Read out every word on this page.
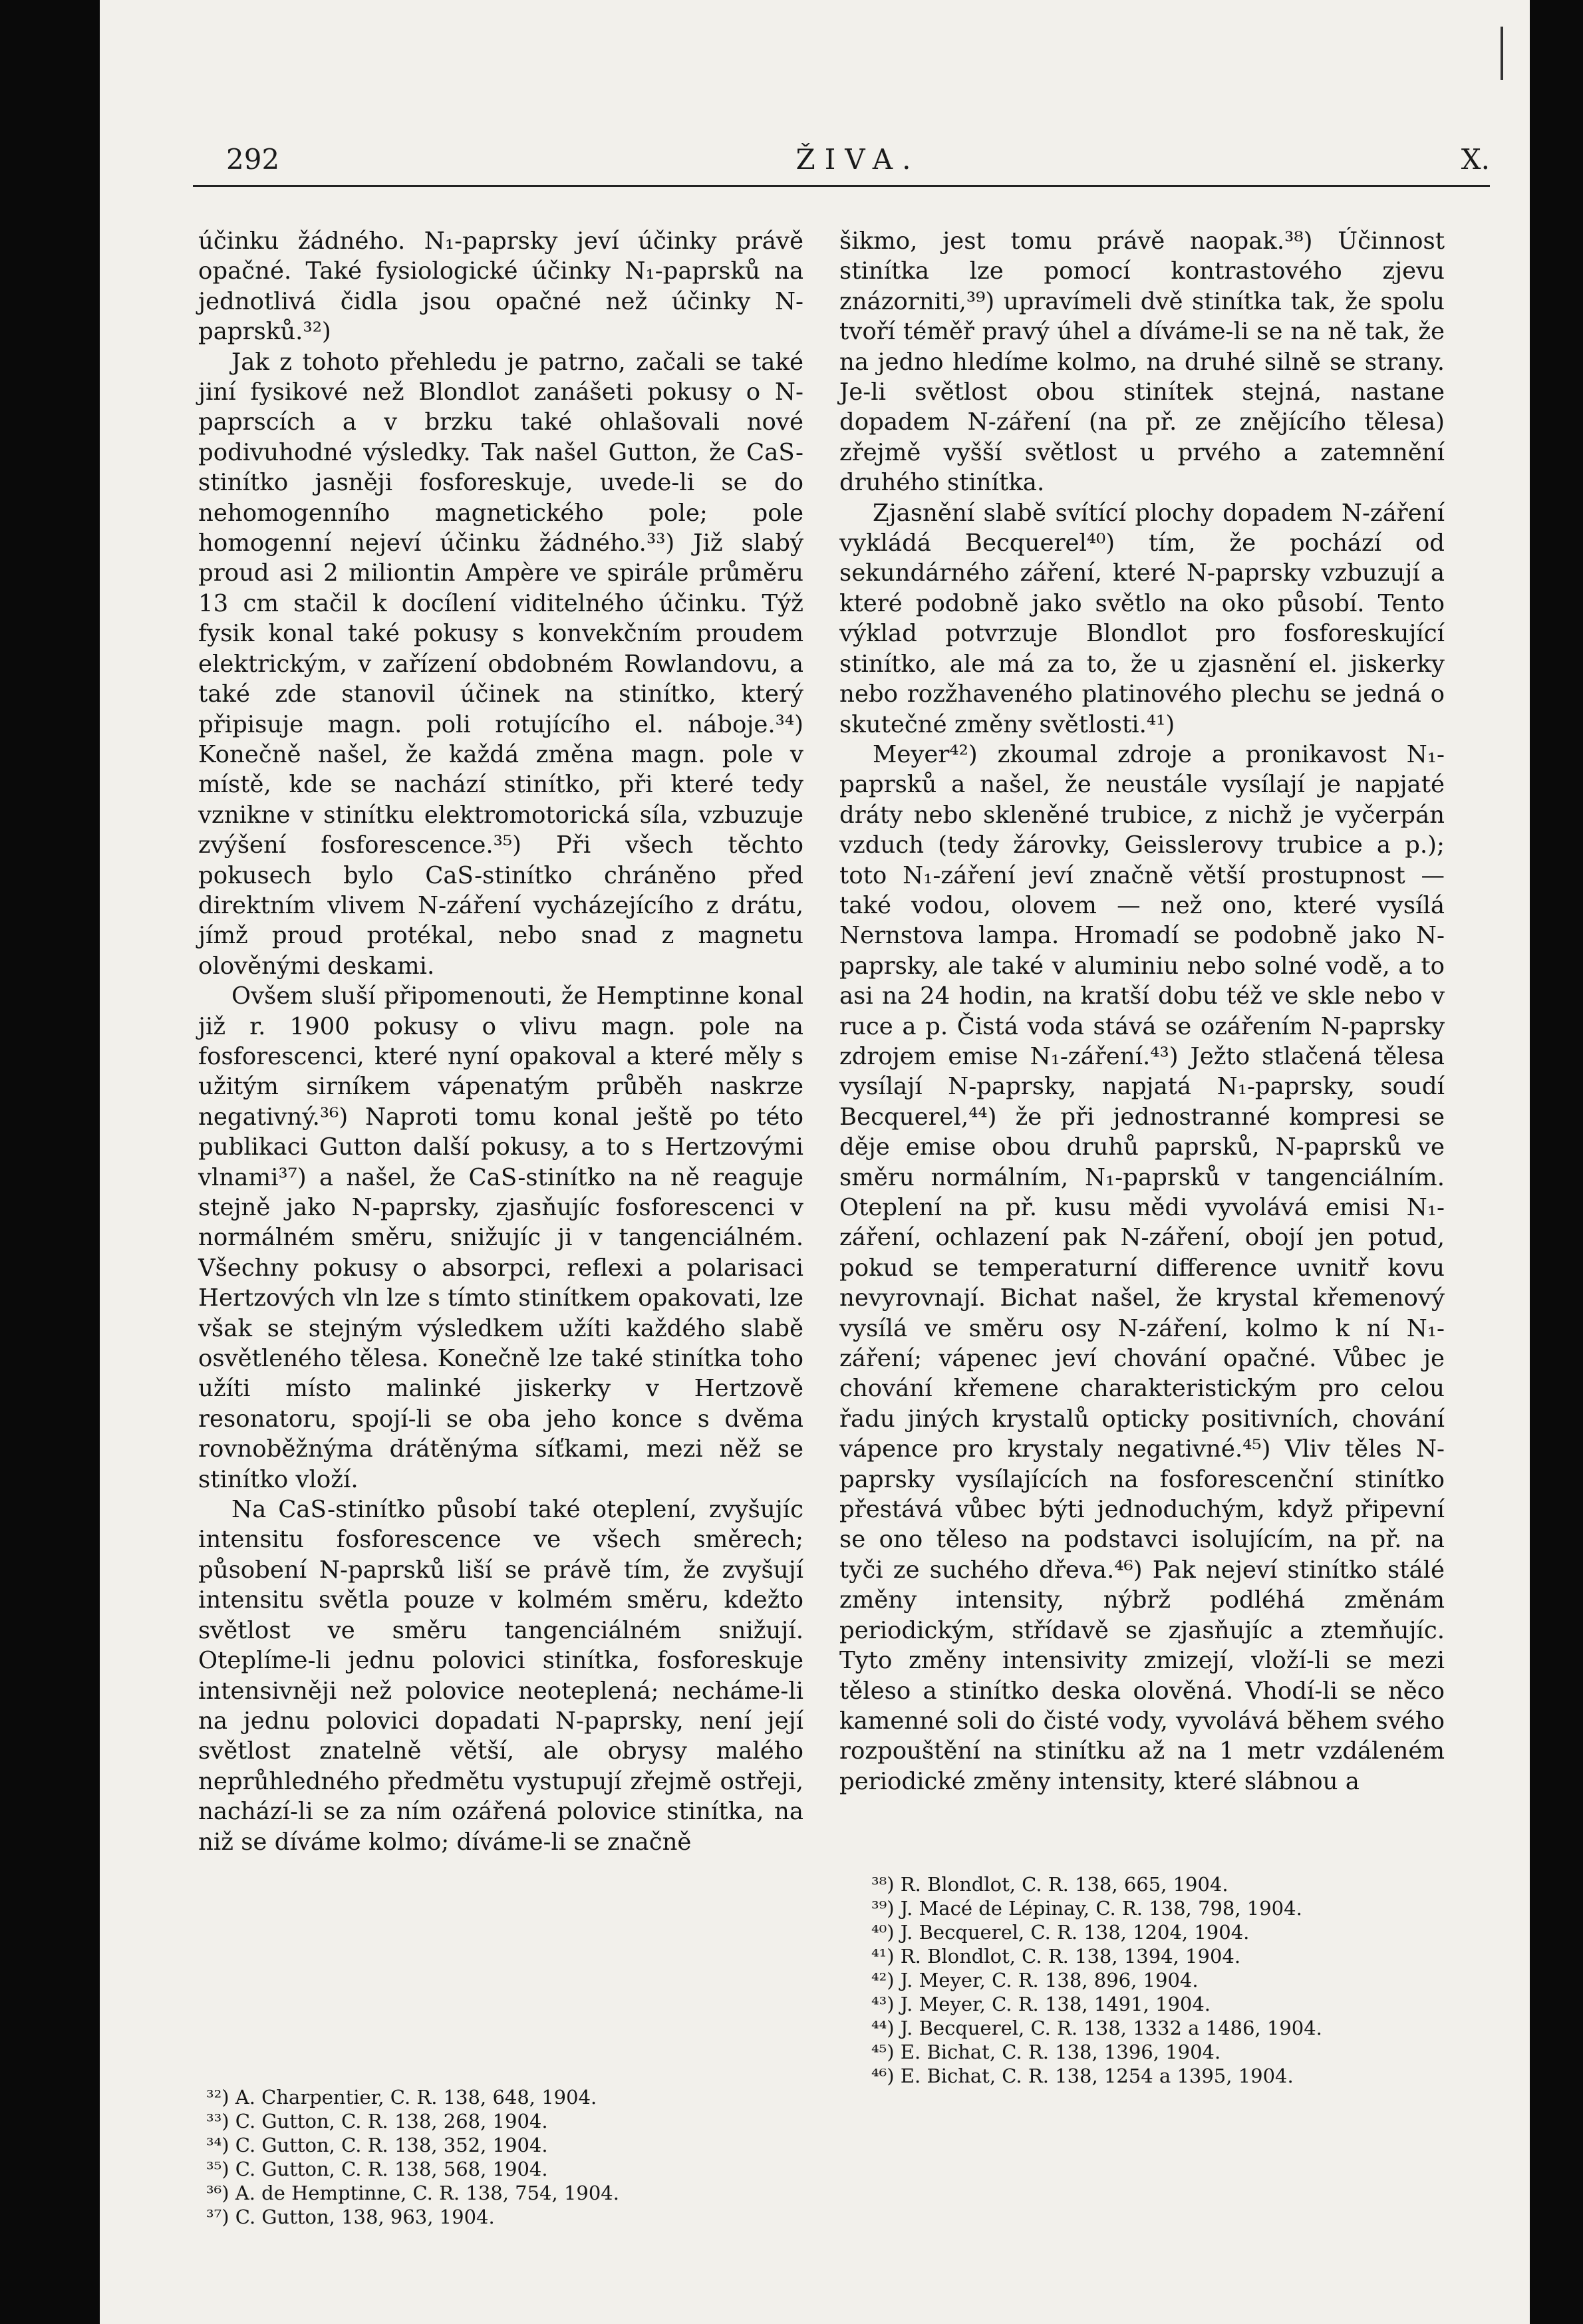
292	ŽIVA.	X.

účinku žádného. N₁-paprsky jeví účinky právě opačné. Také fysiologické účinky N₁-paprsků na jednotlivá čidla jsou opačné než účinky N-paprsků.³²)

Jak z tohoto přehledu je patrno, začali se také jiní fysikové než Blondlot zanášeti pokusy o N-paprscích a v brzku také ohlašovali nové podivuhodné výsledky. Tak našel Gutton, že CaS-stinítko jasněji fosforeskuje, uvede-li se do nehomogenního magnetického pole; pole homogenní nejeví účinku žádného.³³) Již slabý proud asi 2 miliontin Ampère ve spirále průměru 13 cm stačil k docílení viditelného účinku. Týž fysik konal také pokusy s konvekčním proudem elektrickým, v zařízení obdobném Rowlandovu, a také zde stanovil účinek na stinítko, který připisuje magn. poli rotujícího el. náboje.³⁴) Konečně našel, že každá změna magn. pole v místě, kde se nachází stinítko, při které tedy vznikne v stinítku elektromotorická síla, vzbuzuje zvýšení fosforescence.³⁵) Při všech těchto pokusech bylo CaS-stinítko chráněno před direktním vlivem N-záření vycházejícího z drátu, jímž proud protékal, nebo snad z magnetu olověnými deskami.

Ovšem sluší připomenouti, že Hemptinne konal již r. 1900 pokusy o vlivu magn. pole na fosforescenci, které nyní opakoval a které měly s užitým sirníkem vápenatým průběh naskrze negativný.³⁶) Naproti tomu konal ještě po této publikaci Gutton další pokusy, a to s Hertzovými vlnami³⁷) a našel, že CaS-stinítko na ně reaguje stejně jako N-paprsky, zjasňujíc fosforescenci v normálném směru, snižujíc ji v tangenciálném. Všechny pokusy o absorpci, reflexi a polarisaci Hertzových vln lze s tímto stinítkem opakovati, lze však se stejným výsledkem užíti každého slabě osvětleného tělesa. Konečně lze také stinítka toho užíti místo malinké jiskerky v Hertzově resonatoru, spojí-li se oba jeho konce s dvěma rovnoběžnýma drátěnýma síťkami, mezi něž se stinítko vloží.

Na CaS-stinítko působí také oteplení, zvyšujíc intensitu fosforescence ve všech směrech; působení N-paprsků liší se právě tím, že zvyšují intensitu světla pouze v kolmém směru, kdežto světlost ve směru tangenciálném snižují. Oteplíme-li jednu polovici stinítka, fosforeskuje intensivněji než polovice neoteplená; necháme-li na jednu polovici dopadati N-paprsky, není její světlost znatelně větší, ale obrysy malého neprůhledného předmětu vystupují zřejmě ostřeji, nachází-li se za ním ozářená polovice stinítka, na niž se díváme kolmo; díváme-li se značně

šikmo, jest tomu právě naopak.³⁸) Účinnost stinítka lze pomocí kontrastového zjevu znázorniti,³⁹) upravímeli dvě stinítka tak, že spolu tvoří téměř pravý úhel a díváme-li se na ně tak, že na jedno hledíme kolmo, na druhé silně se strany. Je-li světlost obou stinítek stejná, nastane dopadem N-záření (na př. ze znějícího tělesa) zřejmě vyšší světlost u prvého a zatemnění druhého stinítka.

Zjasnění slabě svítící plochy dopadem N-záření vykládá Becquerel⁴⁰) tím, že pochází od sekundárného záření, které N-paprsky vzbuzují a které podobně jako světlo na oko působí. Tento výklad potvrzuje Blondlot pro fosforeskující stinítko, ale má za to, že u zjasnění el. jiskerky nebo rozžhaveného platinového plechu se jedná o skutečné změny světlosti.⁴¹)

Meyer⁴²) zkoumal zdroje a pronikavost N₁-paprsků a našel, že neustále vysílají je napjaté dráty nebo skleněné trubice, z nichž je vyčerpán vzduch (tedy žárovky, Geisslerovy trubice a p.); toto N₁-záření jeví značně větší prostupnost — také vodou, olovem — než ono, které vysílá Nernstova lampa. Hromadí se podobně jako N-paprsky, ale také v aluminiu nebo solné vodě, a to asi na 24 hodin, na kratší dobu též ve skle nebo v ruce a p. Čistá voda stává se ozářením N-paprsky zdrojem emise N₁-záření.⁴³) Ježto stlačená tělesa vysílají N-paprsky, napjatá N₁-paprsky, soudí Becquerel,⁴⁴) že při jednostranné kompresi se děje emise obou druhů paprsků, N-paprsků ve směru normálním, N₁-paprsků v tangenciálním. Oteplení na př. kusu mědi vyvolává emisi N₁-záření, ochlazení pak N-záření, obojí jen potud, pokud se temperaturní difference uvnitř kovu nevyrovnají. Bichat našel, že krystal křemenový vysílá ve směru osy N-záření, kolmo k ní N₁-záření; vápenec jeví chování opačné. Vůbec je chování křemene charakteristickým pro celou řadu jiných krystalů opticky positivních, chování vápence pro krystaly negativné.⁴⁵) Vliv těles N-paprsky vysílajících na fosforescenční stinítko přestává vůbec býti jednoduchým, když připevní se ono těleso na podstavci isolujícím, na př. na tyči ze suchého dřeva.⁴⁶) Pak nejeví stinítko stálé změny intensity, nýbrž podléhá změnám periodickým, střídavě se zjasňujíc a ztemňujíc. Tyto změny intensivity zmizejí, vloží-li se mezi těleso a stinítko deska olověná. Vhodí-li se něco kamenné soli do čisté vody, vyvolává během svého rozpouštění na stinítku až na 1 metr vzdáleném periodické změny intensity, které slábnou a

³²) A. Charpentier, C. R. 138, 648, 1904.
³³) C. Gutton, C. R. 138, 268, 1904.
³⁴) C. Gutton, C. R. 138, 352, 1904.
³⁵) C. Gutton, C. R. 138, 568, 1904.
³⁶) A. de Hemptinne, C. R. 138, 754, 1904.
³⁷) C. Gutton, 138, 963, 1904.
³⁸) R. Blondlot, C. R. 138, 665, 1904.
³⁹) J. Macé de Lépinay, C. R. 138, 798, 1904.
⁴⁰) J. Becquerel, C. R. 138, 1204, 1904.
⁴¹) R. Blondlot, C. R. 138, 1394, 1904.
⁴²) J. Meyer, C. R. 138, 896, 1904.
⁴³) J. Meyer, C. R. 138, 1491, 1904.
⁴⁴) J. Becquerel, C. R. 138, 1332 a 1486, 1904.
⁴⁵) E. Bichat, C. R. 138, 1396, 1904.
⁴⁶) E. Bichat, C. R. 138, 1254 a 1395, 1904.
